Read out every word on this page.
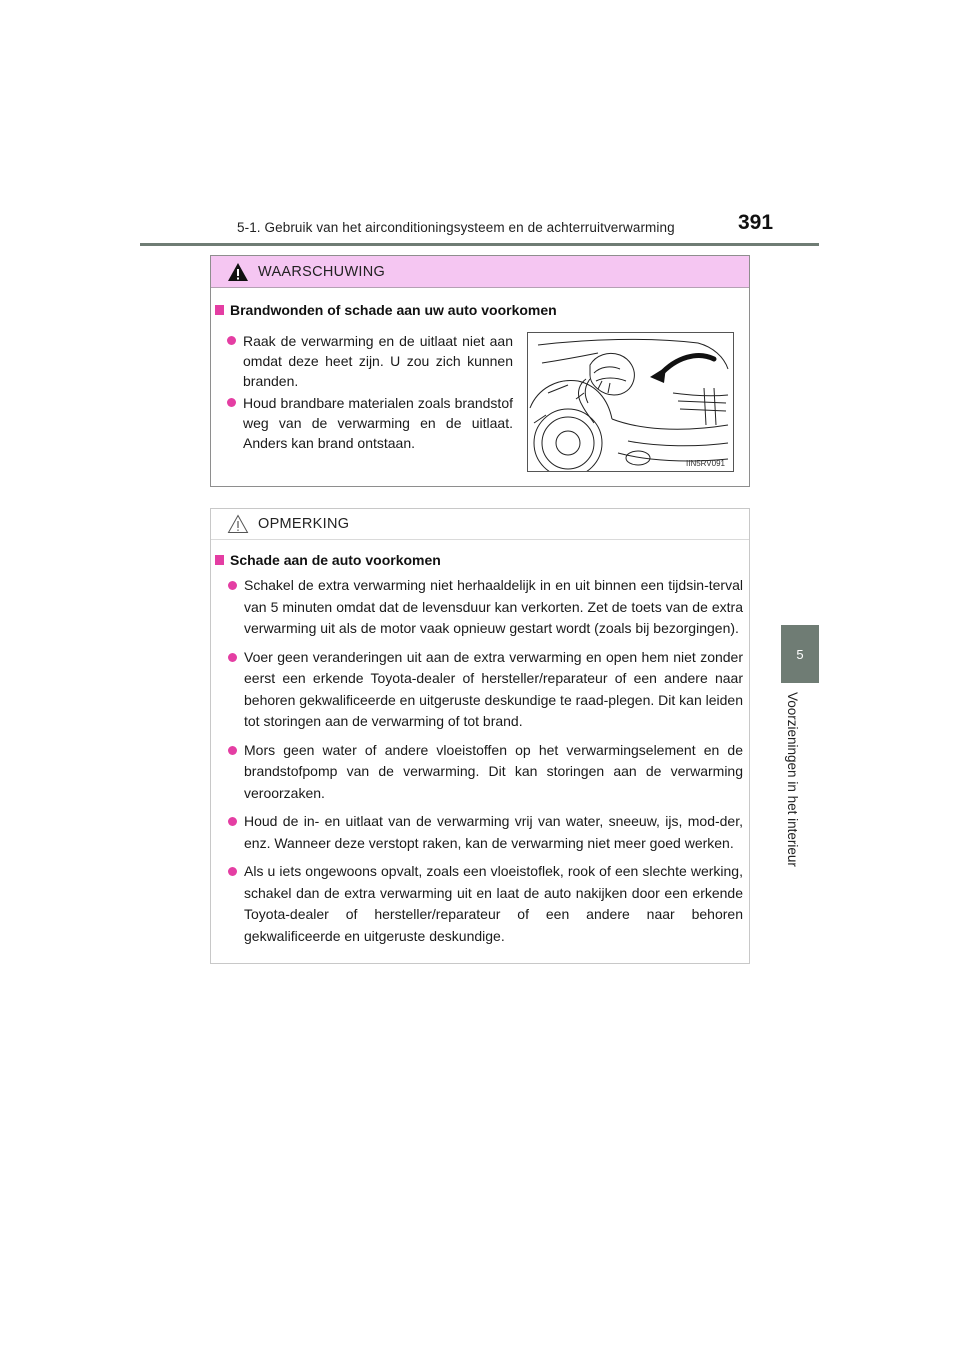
5-1. Gebruik van het airconditioningsysteem en de achterruitverwarming	391
5
Voorzieningen in het interieur
WAARSCHUWING
Brandwonden of schade aan uw auto voorkomen
Raak de verwarming en de uitlaat niet aan omdat deze heet zijn. U zou zich kunnen branden.
Houd brandbare materialen zoals brandstof weg van de verwarming en de uitlaat. Anders kan brand ontstaan.
IIN5RV091
OPMERKING
Schade aan de auto voorkomen
Schakel de extra verwarming niet herhaaldelijk in en uit binnen een tijdsin-terval van 5 minuten omdat dat de levensduur kan verkorten. Zet de toets van de extra verwarming uit als de motor vaak opnieuw gestart wordt (zoals bij bezorgingen).
Voer geen veranderingen uit aan de extra verwarming en open hem niet zonder eerst een erkende Toyota-dealer of hersteller/reparateur of een andere naar behoren gekwalificeerde en uitgeruste deskundige te raad-plegen. Dit kan leiden tot storingen aan de verwarming of tot brand.
Mors geen water of andere vloeistoffen op het verwarmingselement en de brandstofpomp van de verwarming. Dit kan storingen aan de verwarming veroorzaken.
Houd de in- en uitlaat van de verwarming vrij van water, sneeuw, ijs, mod-der, enz. Wanneer deze verstopt raken, kan de verwarming niet meer goed werken.
Als u iets ongewoons opvalt, zoals een vloeistoflek, rook of een slechte werking, schakel dan de extra verwarming uit en laat de auto nakijken door een erkende Toyota-dealer of hersteller/reparateur of een andere naar behoren gekwalificeerde en uitgeruste deskundige.
